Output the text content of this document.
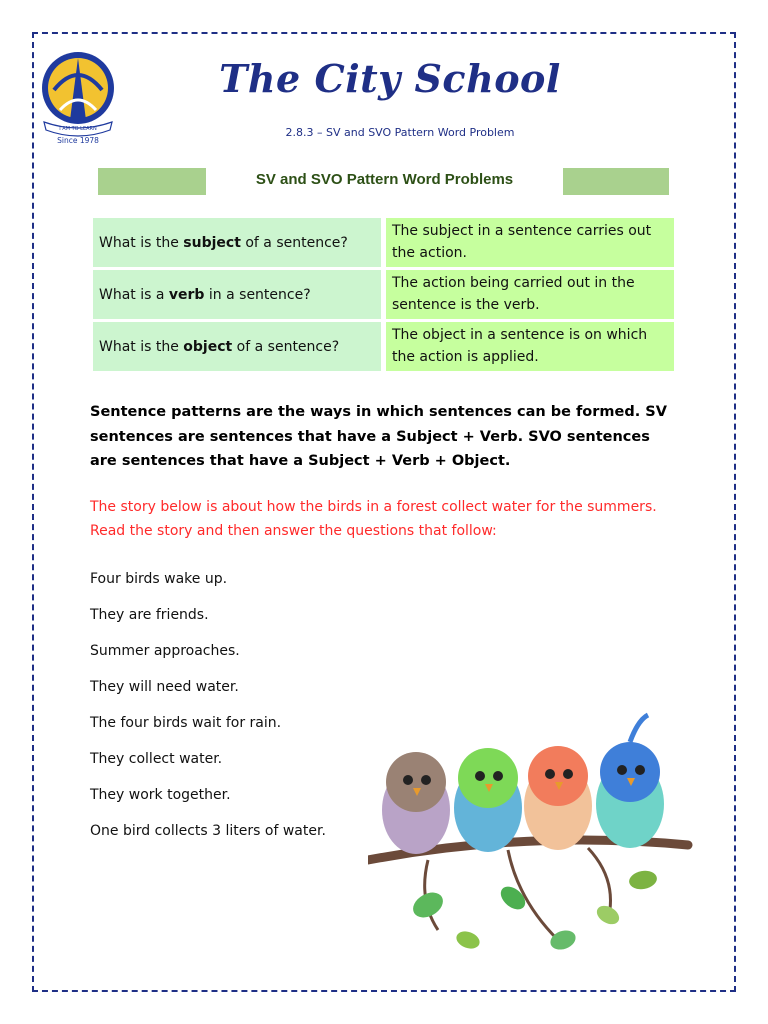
I AM TO LEARN
Since 1978
The City School
2.8.3 – SV and SVO Pattern Word Problem
SV and SVO Pattern Word Problems
What is the subject of a sentence?
The subject in a sentence carries out the action.
What is a verb in a sentence?
The action being carried out in the sentence is the verb.
What is the object of a sentence?
The object in a sentence is on which the action is applied.
Sentence patterns are the ways in which sentences can be formed. SV sentences are sentences that have a Subject + Verb. SVO sentences are sentences that have a Subject + Verb + Object.
The story below is about how the birds in a forest collect water for the summers. Read the story and then answer the questions that follow:
Four birds wake up.
They are friends.
Summer approaches.
They will need water.
The four birds wait for rain.
They collect water.
They work together.
One bird collects 3 liters of water.
